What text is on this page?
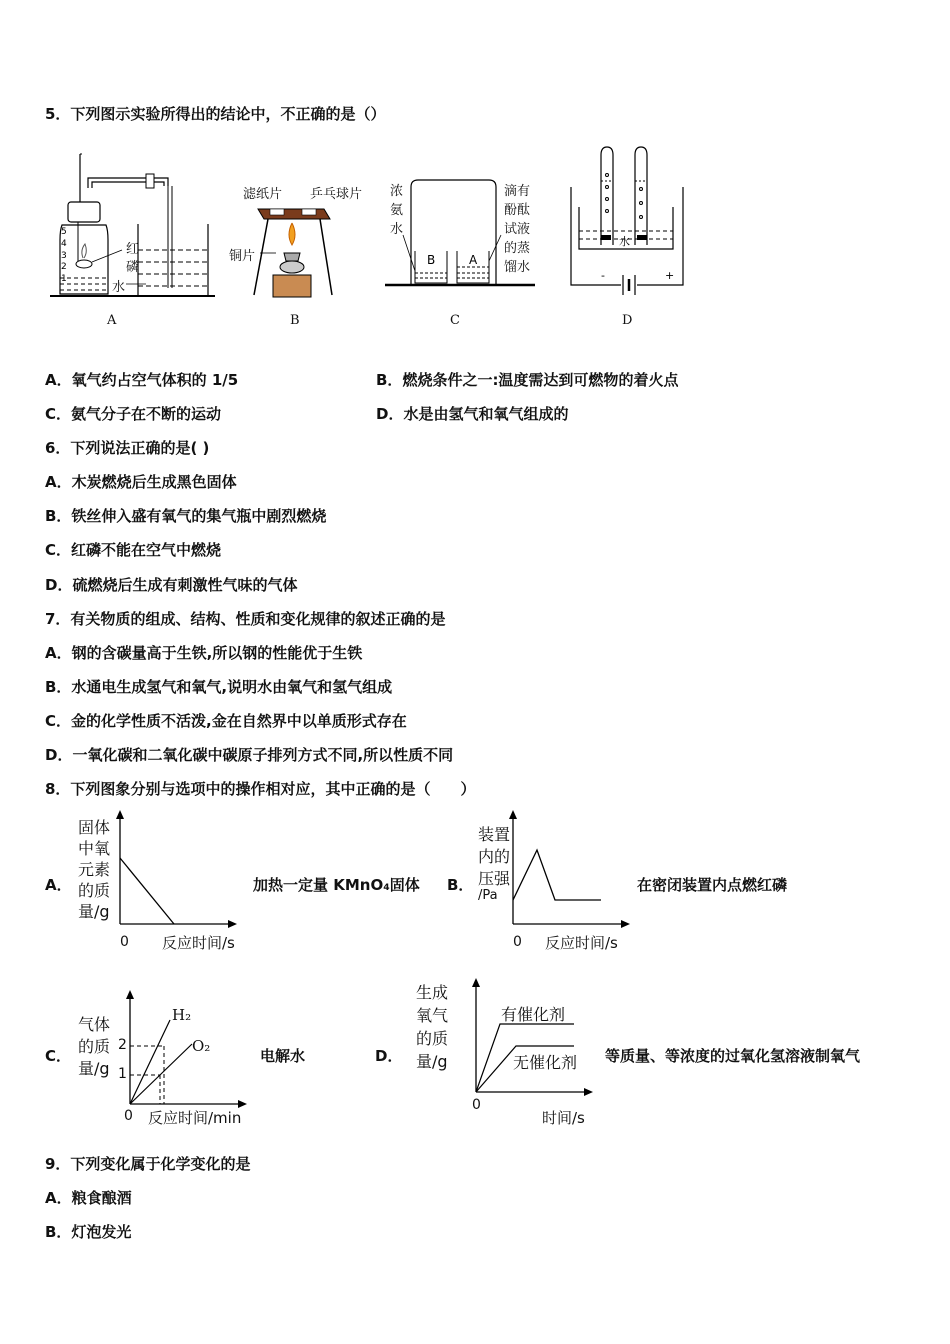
5．下列图示实验所得出的结论中，不正确的是（）
5
4
3
2
1
红
磷
水
A
滤纸片 乒乓球片
铜片
B
B	A
浓
氨
水
滴有
酚酞
试液
的蒸
馏水
C
水
-	+
D
A．氧气约占空气体积的 1/5	B．燃烧条件之一:温度需达到可燃物的着火点
C．氨气分子在不断的运动	D．水是由氢气和氧气组成的
6．下列说法正确的是( )
A．木炭燃烧后生成黑色固体
B．铁丝伸入盛有氧气的集气瓶中剧烈燃烧
C．红磷不能在空气中燃烧
D．硫燃烧后生成有刺激性气味的气体
7．有关物质的组成、结构、性质和变化规律的叙述正确的是
A．钢的含碳量高于生铁,所以钢的性能优于生铁
B．水通电生成氢气和氧气,说明水由氧气和氢气组成
C．金的化学性质不活泼,金在自然界中以单质形式存在
D．一氧化碳和二氧化碳中碳原子排列方式不同,所以性质不同
8．下列图象分别与选项中的操作相对应，其中正确的是（　　）
A．
固体
中氧
元素
的质
量/g
0 反应时间/s
加热一定量 KMnO₄固体 B．
装置
内的
压强
/Pa
0 反应时间/s
在密闭装置内点燃红磷
C．
气体
的质
量/g
2
1
H₂
O₂
0 反应时间/min
电解水	D．
生成
氧气
的质
量/g
有催化剂
无催化剂
0
时间/s
等质量、等浓度的过氧化氢溶液制氧气
9．下列变化属于化学变化的是
A．粮食酿酒
B．灯泡发光
